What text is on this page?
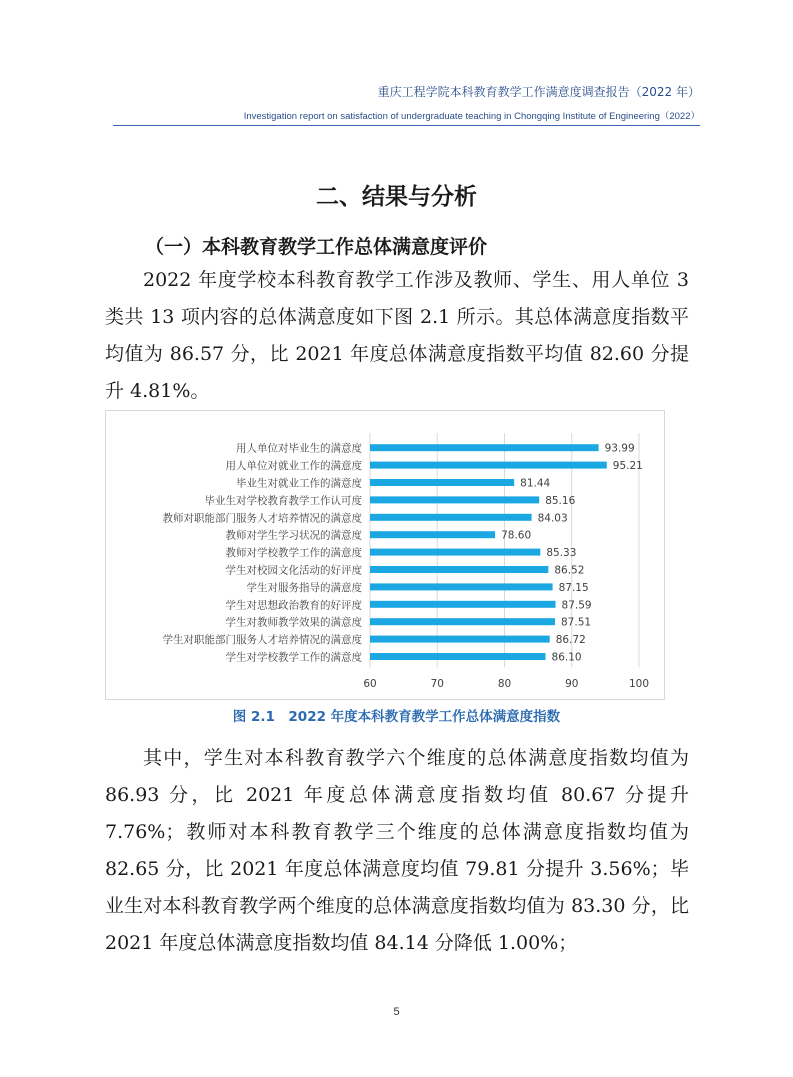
重庆工程学院本科教育教学工作满意度调查报告（2022 年）
Investigation report on satisfaction of undergraduate teaching in Chongqing Institute of Engineering（2022）
二、结果与分析
（一）本科教育教学工作总体满意度评价

2022 年度学校本科教育教学工作涉及教师、学生、用人单位 3 类共 13 项内容的总体满意度如下图 2.1 所示。其总体满意度指数平均值为 86.57 分，比 2021 年度总体满意度指数平均值 82.60 分提升 4.81%。

用人单位对毕业生的满意度	93.99
用人单位对就业工作的满意度	95.21
毕业生对就业工作的满意度	81.44
毕业生对学校教育教学工作认可度	85.16
教师对职能部门服务人才培养情况的满意度	84.03
教师对学生学习状况的满意度	78.60
教师对学校教学工作的满意度	85.33
学生对校园文化活动的好评度	86.52
学生对服务指导的满意度	87.15
学生对思想政治教育的好评度	87.59
学生对教师教学效果的满意度	87.51
学生对职能部门服务人才培养情况的满意度	86.72
学生对学校教学工作的满意度	86.10
60	70	80	90	100
图 2.1　2022 年度本科教育教学工作总体满意度指数

其中，学生对本科教育教学六个维度的总体满意度指数均值为 86.93 分，比 2021 年度总体满意度指数均值 80.67 分提升 7.76%；教师对本科教育教学三个维度的总体满意度指数均值为 82.65 分，比 2021 年度总体满意度均值 79.81 分提升 3.56%；毕业生对本科教育教学两个维度的总体满意度指数均值为 83.30 分，比 2021 年度总体满意度指数均值 84.14 分降低 1.00%；

5
